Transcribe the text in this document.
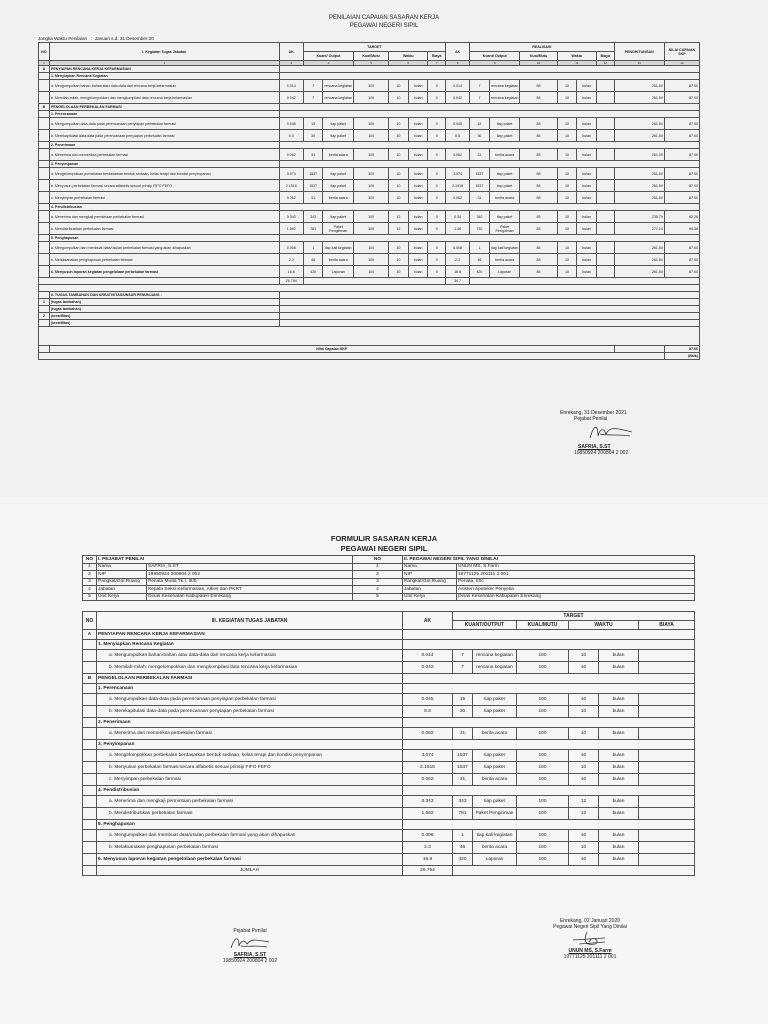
PENILAIAN CAPAIAN SASARAN KERJA
PEGAWAI NEGERI SIPIL
Jangka Waktu Penilaian   :  Januari s.d. 31 Desember 20
NO	I. Kegiatan Tugas Jabatan	AK	TARGET						AK	REALISASI						PENGHITUNGAN	NILAI CAPAIAN SKP
			Kuant/ Output		Kual/Mutu	Waktu		Biaya		Kuant/ Output		Kual/Mutu	Waktu		Biaya		
1	2	3	4		5	6		7	8	9		10	11		12	13	14
A	PENYIAPAN RENCANA KERJA KEFARMASIAN																
	1. Menyiapkan Rencana Kegiatan																
	a. Mengumpulkan bahan-bahan atau data-data dari rencana kerja kefarmasian	0.014	7	rencana kegiatan	100	10	bulan	0	0.014	7	rencana kegiatan	85	10	bulan		261.00	87.00
	b. Memilah-milah, mengelompokkan dan mengkompilasi data rencana kerja kefarmasian	0.042	7	rencana kegiatan	100	10	bulan	0	0.042	7	rencana kegiatan	85	10	bulan		261.00	87.00
B	PENGELOLAAN PERBEKALAN FARMASI																
	1. Perencanaan																
	a. Mengumpulkan data-data pada perencanaan penyiapan perbekalan farmasi	0.045	15	tiap paket	100	10	bulan	0	0.045	15	tiap paket	85	10	bulan		261.00	87.00
	b. Merekapitulasi data-data pada perencanaan penyiapan perbekalan farmasi	0.3	30	tiap paket	100	10	bulan	0	0.3	30	tiap paket	85	10	bulan		261.00	87.00
	2. Penerimaan																
	a. Menerima dan memeriksa perbekalan farmasi	0.062	31	berita acara	100	10	bulan	0	0.062	31	berita acara	85	10	bulan		261.00	87.00
	3. Penyimpanan																
	a. Mengelompokkan perbekalan berdasarkan bentuk sediaan, kelas terapi dan kondisi penyimpanan	3.074	1537	tiap paket	100	10	bulan	0	3.074	1537	tiap paket	85	10	bulan		261.00	87.00
	b. Menyusun perbekalan farmasi secara alfabetis sesuai prinsip FIFO FEFO	2.1518	1537	tiap paket	100	10	bulan	0	2.1518	1537	tiap paket	85	10	bulan		261.00	87.00
	c. Menyimpan perbekalan farmasi	0.062	31	berita acara	100	10	bulan	0	0.062	31	berita acara	85	10	bulan		261.00	87.00
	4. Pendistribusian																
	a. Menerima dan mengkaji permintaan perbekalan farmasi	0.343	343	tiap paket	100	12	bulan	0	0.34	340	tiap paket	85	10	bulan		235.79	82.26
	b. Mendistribusikan perbekalan farmasi	1.562	781	Paket Pengiriman	100	12	bulan	0	1.46	730	Paket Pengiriman	85	10	bulan		271.14	90.38
	5. Penghapusan																
	a. Mengumpulkan dan membuat data/usulan perbekalan farmasi yang akan dihapuskan	0.008	1	tiap kali kegiatan	100	10	bulan	0	0.008	1	tiap kali kegiatan	85	10	bulan		261.00	87.00
	b. Melaksanakan penghapusan perbekalan farmasi	2.3	46	berita acara	100	10	bulan	0	2.3	46	berita acara	85	10	bulan		261.00	87.00
	6. Menyusun laporan kegiatan pengelolaan perbekalan farmasi	16.8	420	Laporan	100	10	bulan	0	16.8	420	Laporan	85	10	bulan		261.00	87.00
		26.764							34.7								

	II. TUGAS TAMBAHAN DAN KREATIVITAS/UNSUR PENUNJANG :																
1	(tugas tambahan)																
	(tugas tambahan)																
2	(kreatifitas)																
	(kreatifitas)																

	Nilai Capaian SKP																87.66
																	(Baik)
Enrekang, 31 Desember 2021
Pejabat Penilai
SAFRIA, S.ST
19850924 200804 2 002
FORMULIR SASARAN KERJA
PEGAWAI NEGERI SIPIL
NO	I. PEJABAT PENILAI		NO	II. PEGAWAI NEGERI SIPIL YANG DINILAI	
1	Nama	SAFRIA, S.ST	1	Nama	UNUN MS, S.Farm
2	NIP	19850924 200804 2 002	2	NIP	19771125 201111 2 001
3	Pangkat/Gol.Ruang	Penata Muda Tk.I, III/b	3	Pangkat/Gol.Ruang	Penata, III/c
4	Jabatan	Kepala Seksi Kefarmasian, Alkes dan PKRT	4	Jabatan	Asisten Apoteker Penyelia
5	Unit Kerja	Dinas Kesehatan Kabupaten Enrekang	5	Unit Kerja	Dinas Kesehatan Kabupaten Enrekang
NO	III. KEGIATAN TUGAS JABATAN	AK	TARGET					
			KUANT/OUTPUT		KUAL/MUTU	WAKTU		BIAYA
A	PENYIAPAN RENCANA KERJA KEFARMASIAN							
	1. Menyiapkan Rencana Kegiatan							
	a. Mengumpulkan bahan-bahan atau data-data dari rencana kerja kefarmasian	0.014	7	rencana kegiatan	100	10	bulan	
	b. Memilah-milah, mengelompokkan dan mengkompilasi data rencana kerja kefarmasian	0.042	7	rencana kegiatan	100	10	bulan	
B	PENGELOLAAN PERBEKALAN FARMASI							
	1. Perencanaan							
	a. Mengumpulkan data-data pada perencanaan penyiapan perbekalan farmasi	0.045	15	tiap paket	100	10	bulan	
	b. Merekapitulasi data-data pada perencanaan penyiapan perbekalan farmasi	0.3	30	tiap paket	100	10	bulan	
	2. Penerimaan							
	a. Menerima dan memeriksa perbekalan farmasi	0.062	31	berita acara	100	10	bulan	
	3. Penyimpanan							
	a. Mengelompokkan perbekalan berdasarkan bentuk sediaan, kelas terapi dan kondisi penyimpanan	3.074	1537	tiap paket	100	10	bulan	
	b. Menyusun perbekalan farmasi secara alfabetis sesuai prinsip FIFO FEFO	2.1518	1537	tiap paket	100	10	bulan	
	c. Menyimpan perbekalan farmasi	0.062	31	berita acara	100	10	bulan	
	4. Pendistribusian							
	a. Menerima dan mengkaji permintaan perbekalan farmasi	0.343	343	tiap paket	100	12	bulan	
	b. Mendistribusikan perbekalan farmasi	1.562	781	Paket Pengiriman	100	12	bulan	
	5. Penghapusan							
	a. Mengumpulkan dan membuat data/usulan perbekalan farmasi yang akan dihapuskan	0.008	1	tiap kali kegiatan	100	10	bulan	
	b. Melaksanakan penghapusan perbekalan farmasi	2.3	46	berita acara	100	10	bulan	
	6. Menyusun laporan kegiatan pengelolaan perbekalan farmasi	16.8	420	Laporan	100	10	bulan	
	JUMLAH	26.764						
Pejabat Penilai
SAFRIA, S.ST
19850924 200804 2 002
Enrekang, 02 Januari 2020
Pegawai Negeri Sipil Yang Dinilai
UNUN MS, S.Farm
19771125 201111 2 001
